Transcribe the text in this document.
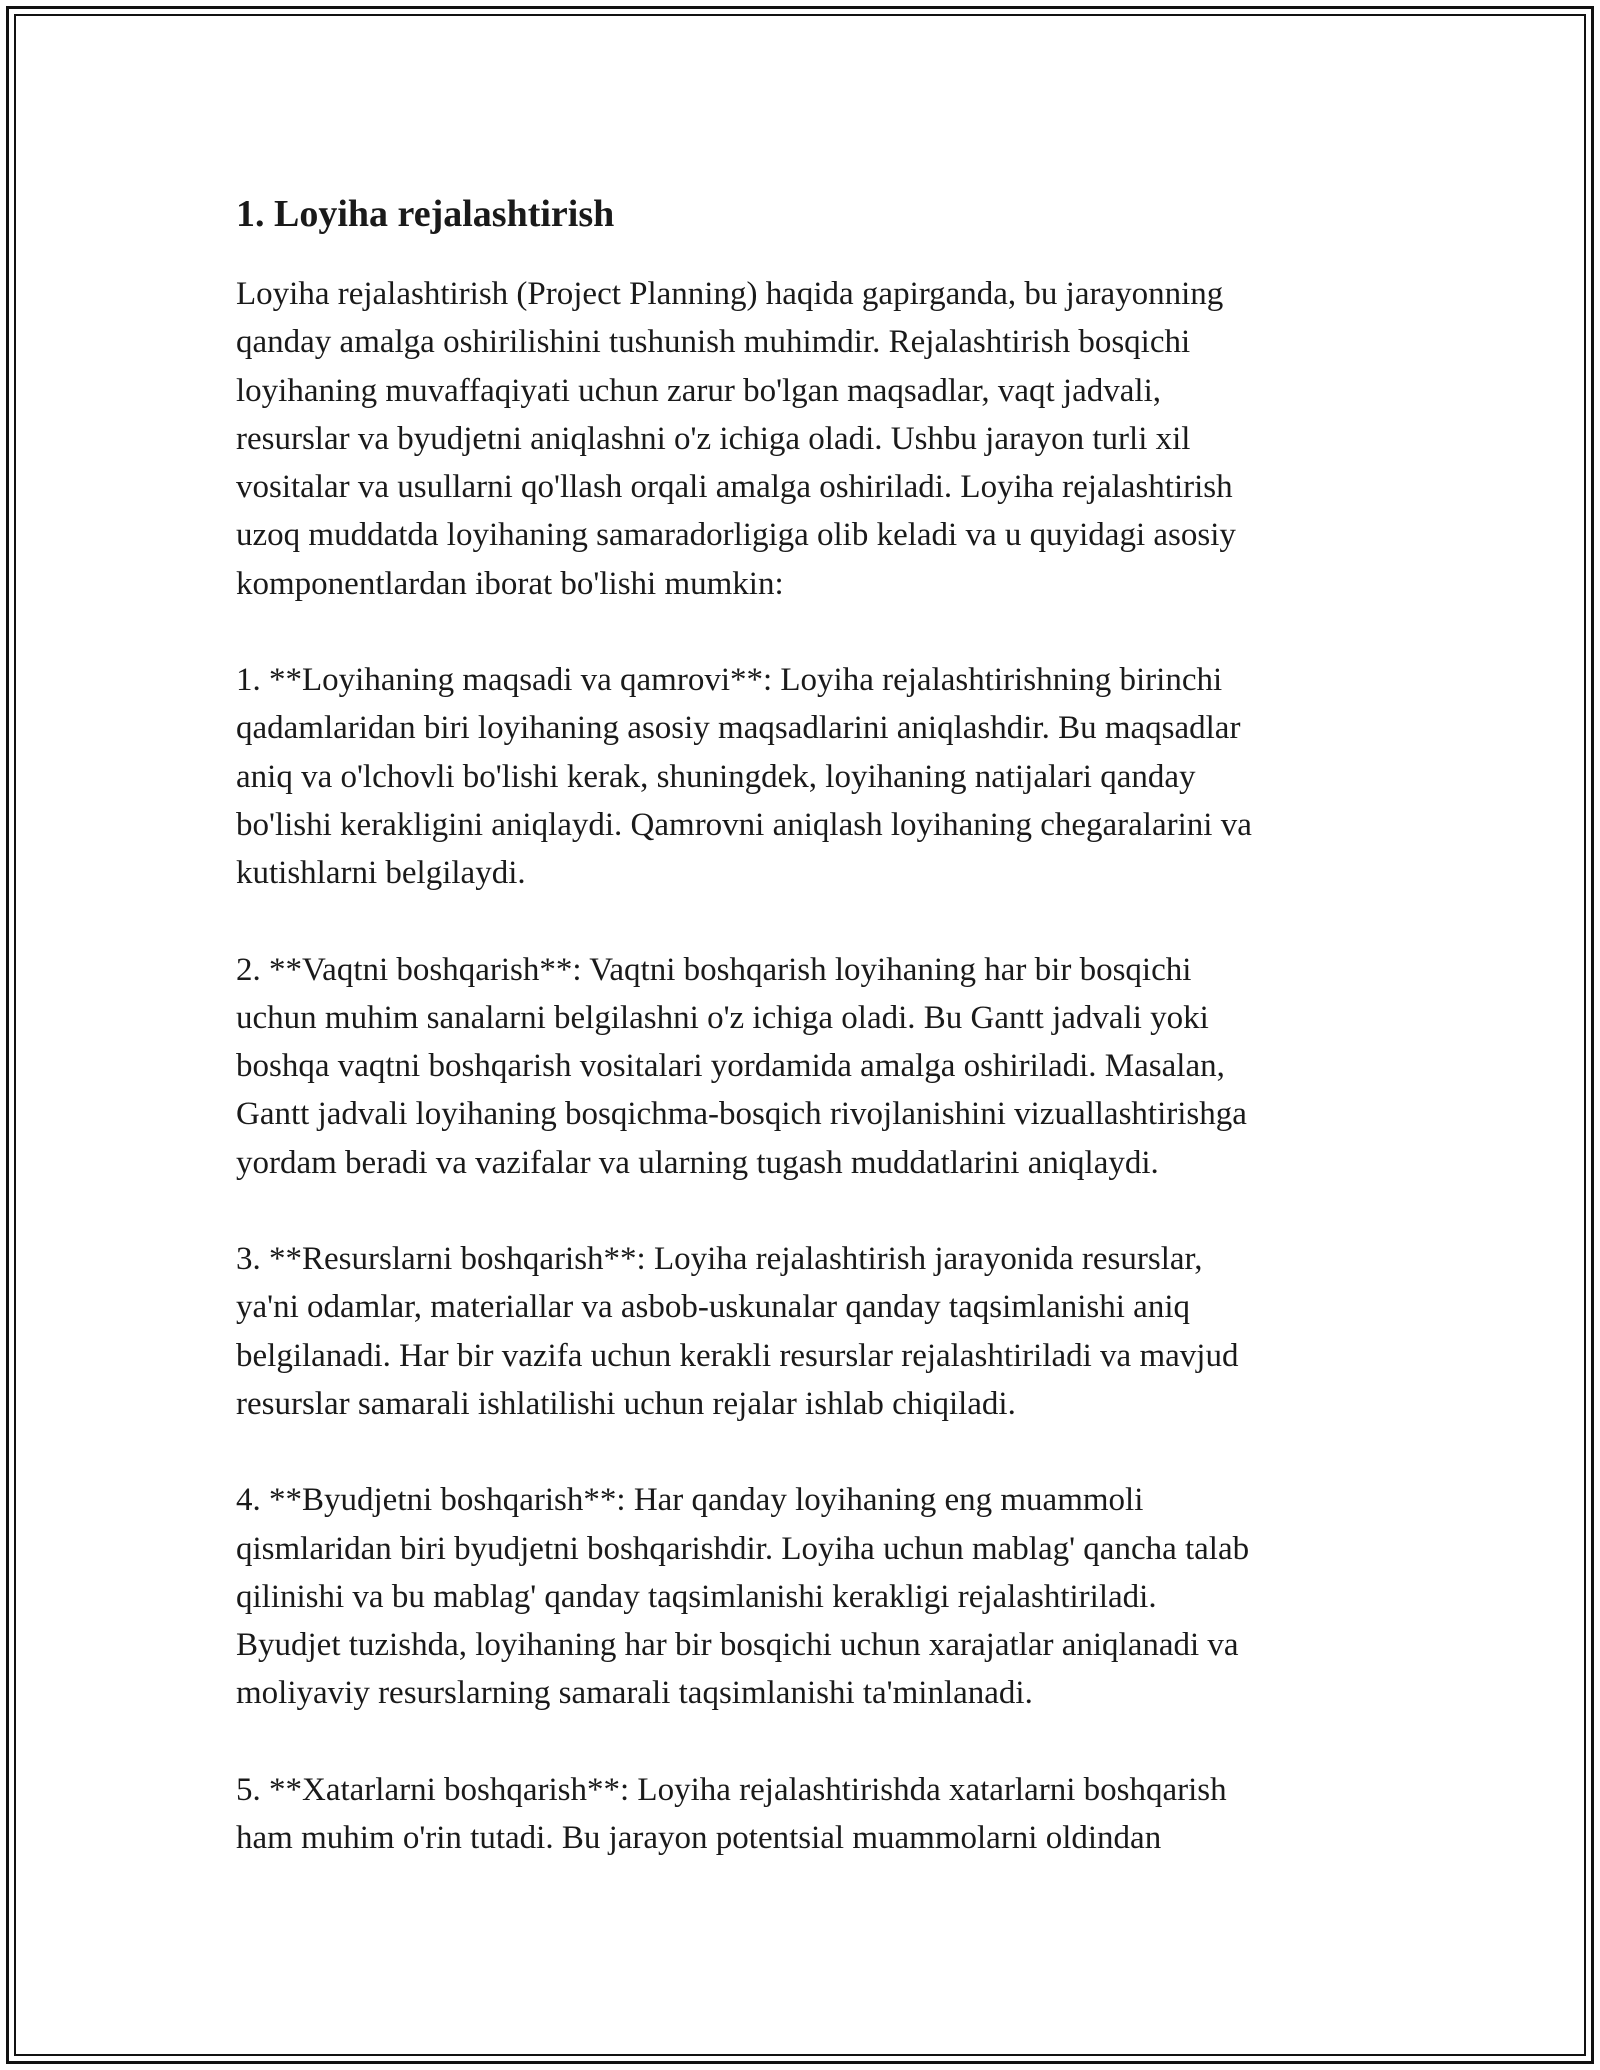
1. Loyiha rejalashtirish

Loyiha rejalashtirish (Project Planning) haqida gapirganda, bu jarayonning
qanday amalga oshirilishini tushunish muhimdir. Rejalashtirish bosqichi
loyihaning muvaffaqiyati uchun zarur bo'lgan maqsadlar, vaqt jadvali,
resurslar va byudjetni aniqlashni o'z ichiga oladi. Ushbu jarayon turli xil
vositalar va usullarni qo'llash orqali amalga oshiriladi. Loyiha rejalashtirish
uzoq muddatda loyihaning samaradorligiga olib keladi va u quyidagi asosiy
komponentlardan iborat bo'lishi mumkin:

1. **Loyihaning maqsadi va qamrovi**: Loyiha rejalashtirishning birinchi
qadamlaridan biri loyihaning asosiy maqsadlarini aniqlashdir. Bu maqsadlar
aniq va o'lchovli bo'lishi kerak, shuningdek, loyihaning natijalari qanday
bo'lishi kerakligini aniqlaydi. Qamrovni aniqlash loyihaning chegaralarini va
kutishlarni belgilaydi.

2. **Vaqtni boshqarish**: Vaqtni boshqarish loyihaning har bir bosqichi
uchun muhim sanalarni belgilashni o'z ichiga oladi. Bu Gantt jadvali yoki
boshqa vaqtni boshqarish vositalari yordamida amalga oshiriladi. Masalan,
Gantt jadvali loyihaning bosqichma-bosqich rivojlanishini vizuallashtirishga
yordam beradi va vazifalar va ularning tugash muddatlarini aniqlaydi.

3. **Resurslarni boshqarish**: Loyiha rejalashtirish jarayonida resurslar,
ya'ni odamlar, materiallar va asbob-uskunalar qanday taqsimlanishi aniq
belgilanadi. Har bir vazifa uchun kerakli resurslar rejalashtiriladi va mavjud
resurslar samarali ishlatilishi uchun rejalar ishlab chiqiladi.

4. **Byudjetni boshqarish**: Har qanday loyihaning eng muammoli
qismlaridan biri byudjetni boshqarishdir. Loyiha uchun mablag' qancha talab
qilinishi va bu mablag' qanday taqsimlanishi kerakligi rejalashtiriladi.
Byudjet tuzishda, loyihaning har bir bosqichi uchun xarajatlar aniqlanadi va
moliyaviy resurslarning samarali taqsimlanishi ta'minlanadi.

5. **Xatarlarni boshqarish**: Loyiha rejalashtirishda xatarlarni boshqarish
ham muhim o'rin tutadi. Bu jarayon potentsial muammolarni oldindan
